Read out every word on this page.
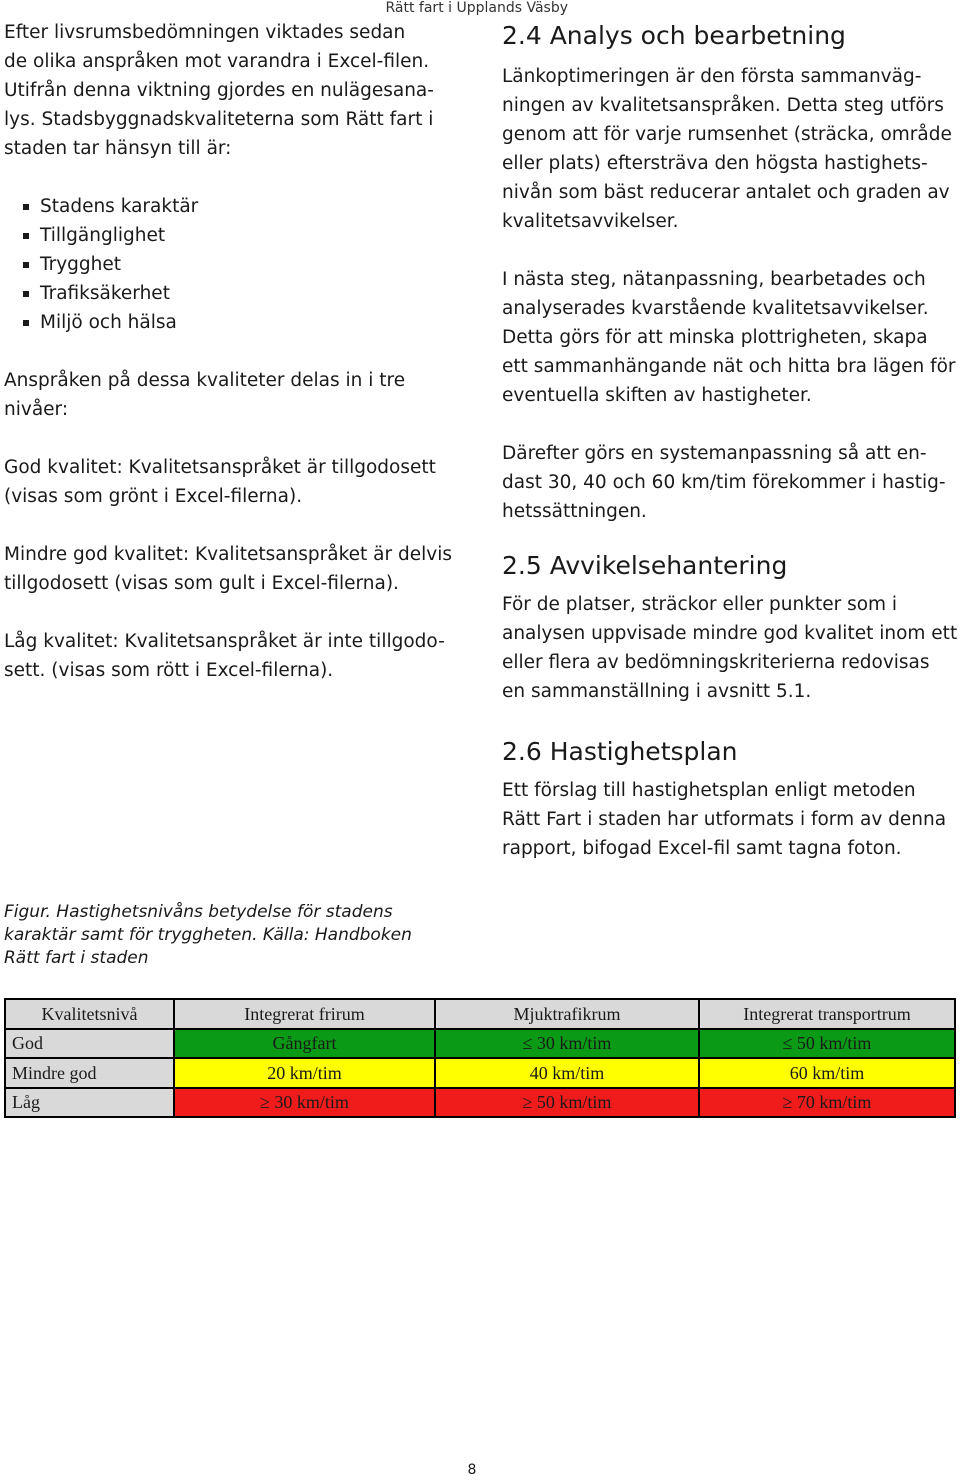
Rätt fart i Upplands Väsby

Efter livsrumsbedömningen viktades sedan
de olika anspråken mot varandra i Excel-filen.
Utifrån denna viktning gjordes en nulägesana-
lys. Stadsbyggnadskvaliteterna som Rätt fart i
staden tar hänsyn till är:

Stadens karaktär
Tillgänglighet
Trygghet
Trafiksäkerhet
Miljö och hälsa

Anspråken på dessa kvaliteter delas in i tre
nivåer:

God kvalitet: Kvalitetsanspråket är tillgodosett
(visas som grönt i Excel-filerna).

Mindre god kvalitet: Kvalitetsanspråket är delvis
tillgodosett (visas som gult i Excel-filerna).

Låg kvalitet: Kvalitetsanspråket är inte tillgodo-
sett. (visas som rött i Excel-filerna).

2.4 Analys och bearbetning

Länkoptimeringen är den första sammanväg-
ningen av kvalitetsanspråken. Detta steg utförs
genom att för varje rumsenhet (sträcka, område
eller plats) eftersträva den högsta hastighets-
nivån som bäst reducerar antalet och graden av
kvalitetsavvikelser.

I nästa steg, nätanpassning, bearbetades och
analyserades kvarstående kvalitetsavvikelser.
Detta görs för att minska plottrigheten, skapa
ett sammanhängande nät och hitta bra lägen för
eventuella skiften av hastigheter.

Därefter görs en systemanpassning så att en-
dast 30, 40 och 60 km/tim förekommer i hastig-
hetssättningen.

2.5 Avvikelsehantering

För de platser, sträckor eller punkter som i
analysen uppvisade mindre god kvalitet inom ett
eller flera av bedömningskriterierna redovisas
en sammanställning i avsnitt 5.1.

2.6 Hastighetsplan

Ett förslag till hastighetsplan enligt metoden
Rätt Fart i staden har utformats i form av denna
rapport, bifogad Excel-fil samt tagna foton.

Figur. Hastighetsnivåns betydelse för stadens
karaktär samt för tryggheten. Källa: Handboken
Rätt fart i staden
Kvalitetsnivå	Integrerat frirum	Mjuktrafikrum	Integrerat transportrum
God	Gångfart	≤ 30 km/tim	≤ 50 km/tim
Mindre god	20 km/tim	40 km/tim	60 km/tim
Låg	≥ 30 km/tim	≥ 50 km/tim	≥ 70 km/tim
8
